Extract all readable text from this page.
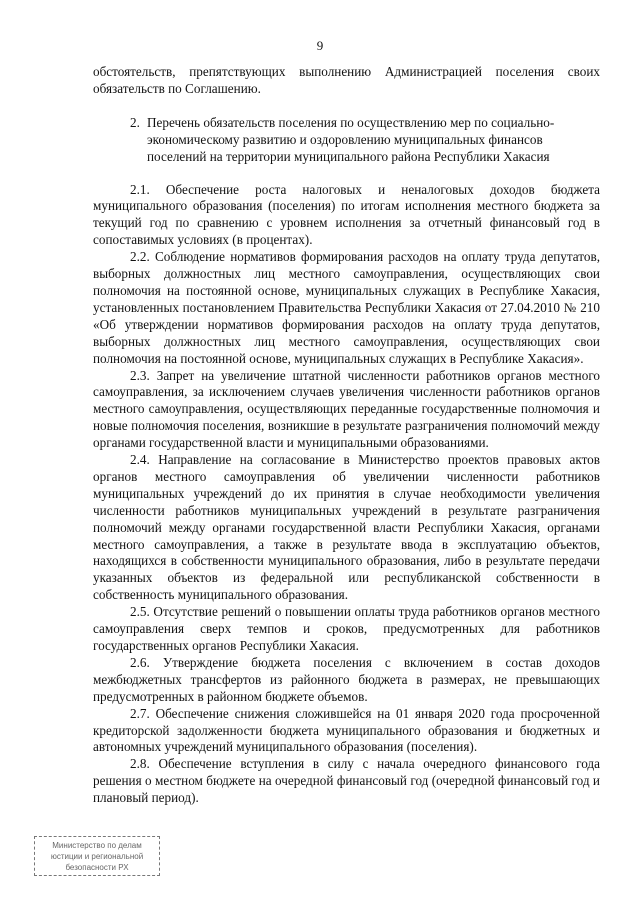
9

обстоятельств, препятствующих выполнению Администрацией поселения своих обязательств по Соглашению.

2. Перечень обязательств поселения по осуществлению мер по социально-экономическому развитию и оздоровлению муниципальных финансов поселений на территории муниципального района Республики Хакасия

2.1. Обеспечение роста налоговых и неналоговых доходов бюджета муниципального образования (поселения) по итогам исполнения местного бюджета за текущий год по сравнению с уровнем исполнения за отчетный финансовый год в сопоставимых условиях (в процентах).

2.2. Соблюдение нормативов формирования расходов на оплату труда депутатов, выборных должностных лиц местного самоуправления, осуществляющих свои полномочия на постоянной основе, муниципальных служащих в Республике Хакасия, установленных постановлением Правительства Республики Хакасия от 27.04.2010 № 210 «Об утверждении нормативов формирования расходов на оплату труда депутатов, выборных должностных лиц местного самоуправления, осуществляющих свои полномочия на постоянной основе, муниципальных служащих в Республике Хакасия».

2.3. Запрет на увеличение штатной численности работников органов местного самоуправления, за исключением случаев увеличения численности работников органов местного самоуправления, осуществляющих переданные государственные полномочия и новые полномочия поселения, возникшие в результате разграничения полномочий между органами государственной власти и муниципальными образованиями.

2.4. Направление на согласование в Министерство проектов правовых актов органов местного самоуправления об увеличении численности работников муниципальных учреждений до их принятия в случае необходимости увеличения численности работников муниципальных учреждений в результате разграничения полномочий между органами государственной власти Республики Хакасия, органами местного самоуправления, а также в результате ввода в эксплуатацию объектов, находящихся в собственности муниципального образования, либо в результате передачи указанных объектов из федеральной или республиканской собственности в собственность муниципального образования.

2.5. Отсутствие решений о повышении оплаты труда работников органов местного самоуправления сверх темпов и сроков, предусмотренных для работников государственных органов Республики Хакасия.

2.6. Утверждение бюджета поселения с включением в состав доходов межбюджетных трансфертов из районного бюджета в размерах, не превышающих предусмотренных в районном бюджете объемов.

2.7. Обеспечение снижения сложившейся на 01 января 2020 года просроченной кредиторской задолженности бюджета муниципального образования и бюджетных и автономных учреждений муниципального образования (поселения).

2.8. Обеспечение вступления в силу с начала очередного финансового года решения о местном бюджете на очередной финансовый год (очередной финансовый год и плановый период).

Министерство по делам
юстиции и региональной
безопасности РХ
